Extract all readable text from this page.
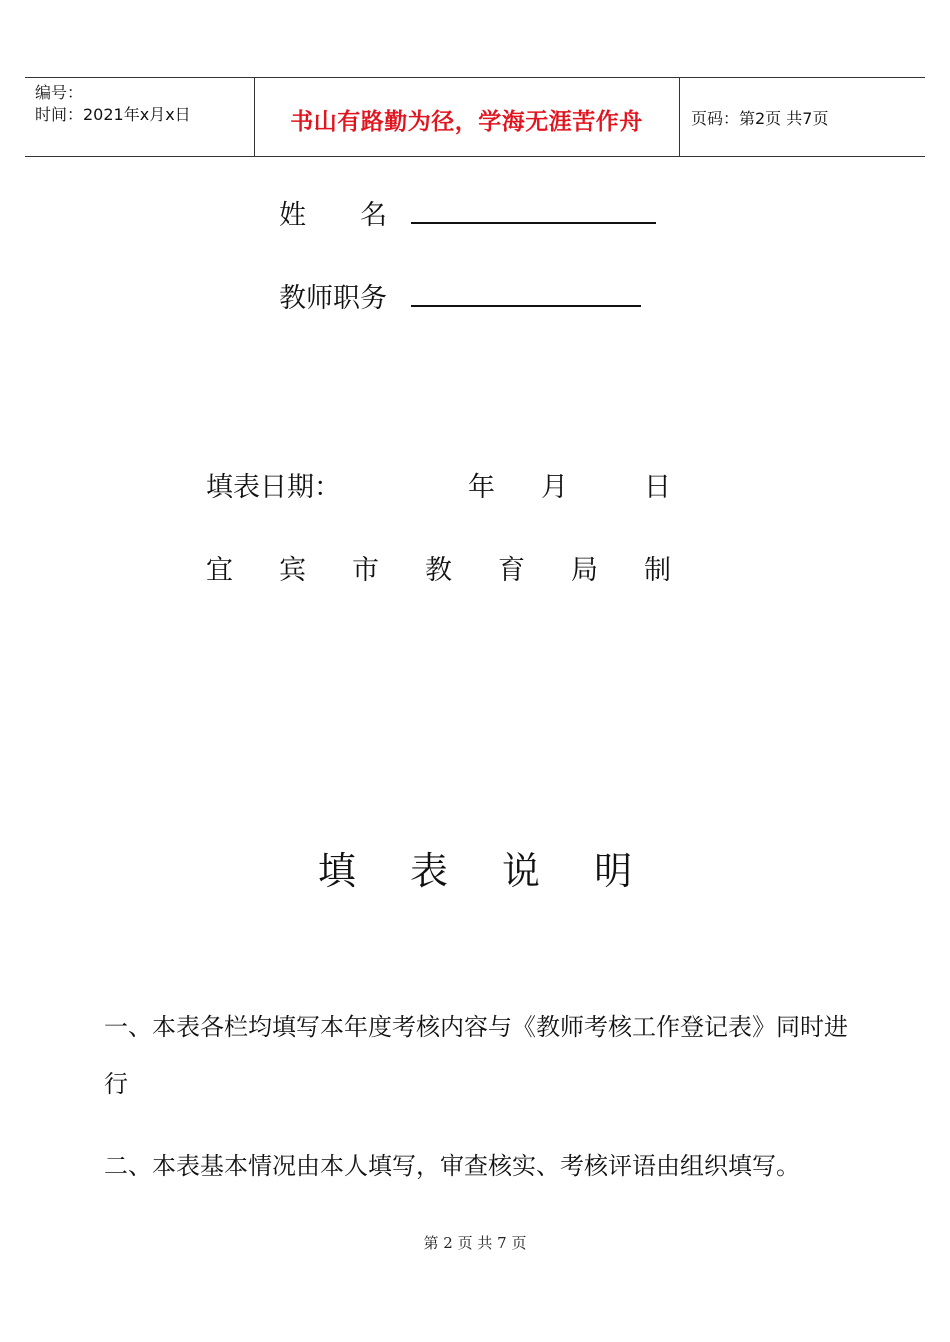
编号：
时间：2021年x月x日	书山有路勤为径，学海无涯苦作舟	页码：第2页 共7页
姓　　名
教师职务
填表日期：	年 月	日
宜 宾 市 教 育 局 制
填 表 说 明
一、本表各栏均填写本年度考核内容与《教师考核工作登记表》同时进行
二、本表基本情况由本人填写，审查核实、考核评语由组织填写。
第 2 页 共 7 页
